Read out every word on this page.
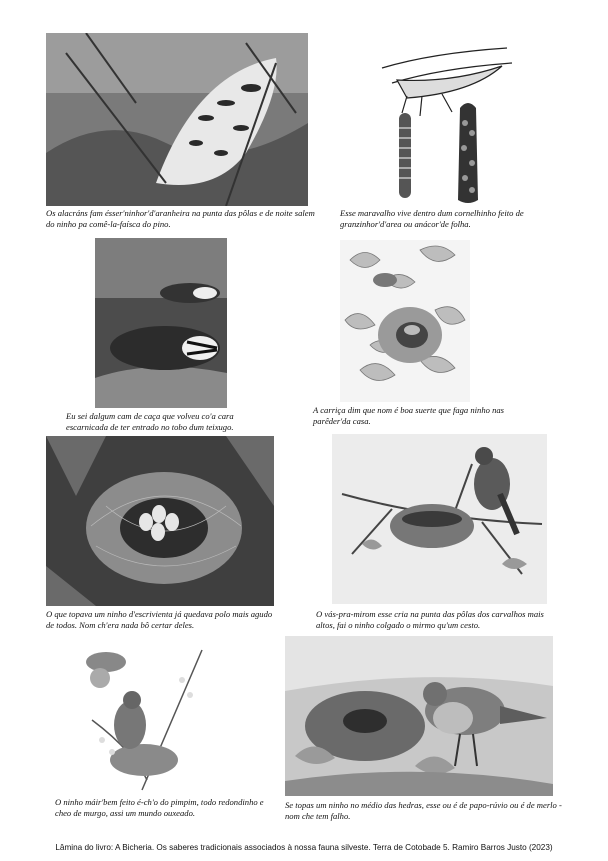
Os alacráns fam ésser'ninhor'd'aranheira na punta das pôlas e de noite salem do ninho pa comê-la-faísca do pino.

Esse maravalho vive dentro dum cornelhinho feito de granzinhor'd'area ou anácor'de folha.

Eu sei dalgum cam de caça que volveu co'a cara escarnicada de ter entrado no tobo dum teixugo.

A carriça dim que nom é boa suerte que faga ninho nas parêder'da casa.

O que topava um ninho d'escrivienta já quedava polo mais agudo de todos. Nom ch'era nada bô certar deles.

O vás-pra-mirom esse cria na punta das pôlas dos carvalhos mais altos, fai o ninho colgado o mirmo qu'um cesto.

O ninho máir'bem feito é-ch'o do pimpim, todo redondinho e cheo de murgo, assi um mundo ouxeado.

Se topas um ninho no médio das hedras, esse ou é de papo-rúvio ou é de merlo -nom che tem falho.

Lâmina do livro: A Bicheria. Os saberes tradicionais associados à nossa fauna silveste. Terra de Cotobade 5. Ramiro Barros Justo (2023)
